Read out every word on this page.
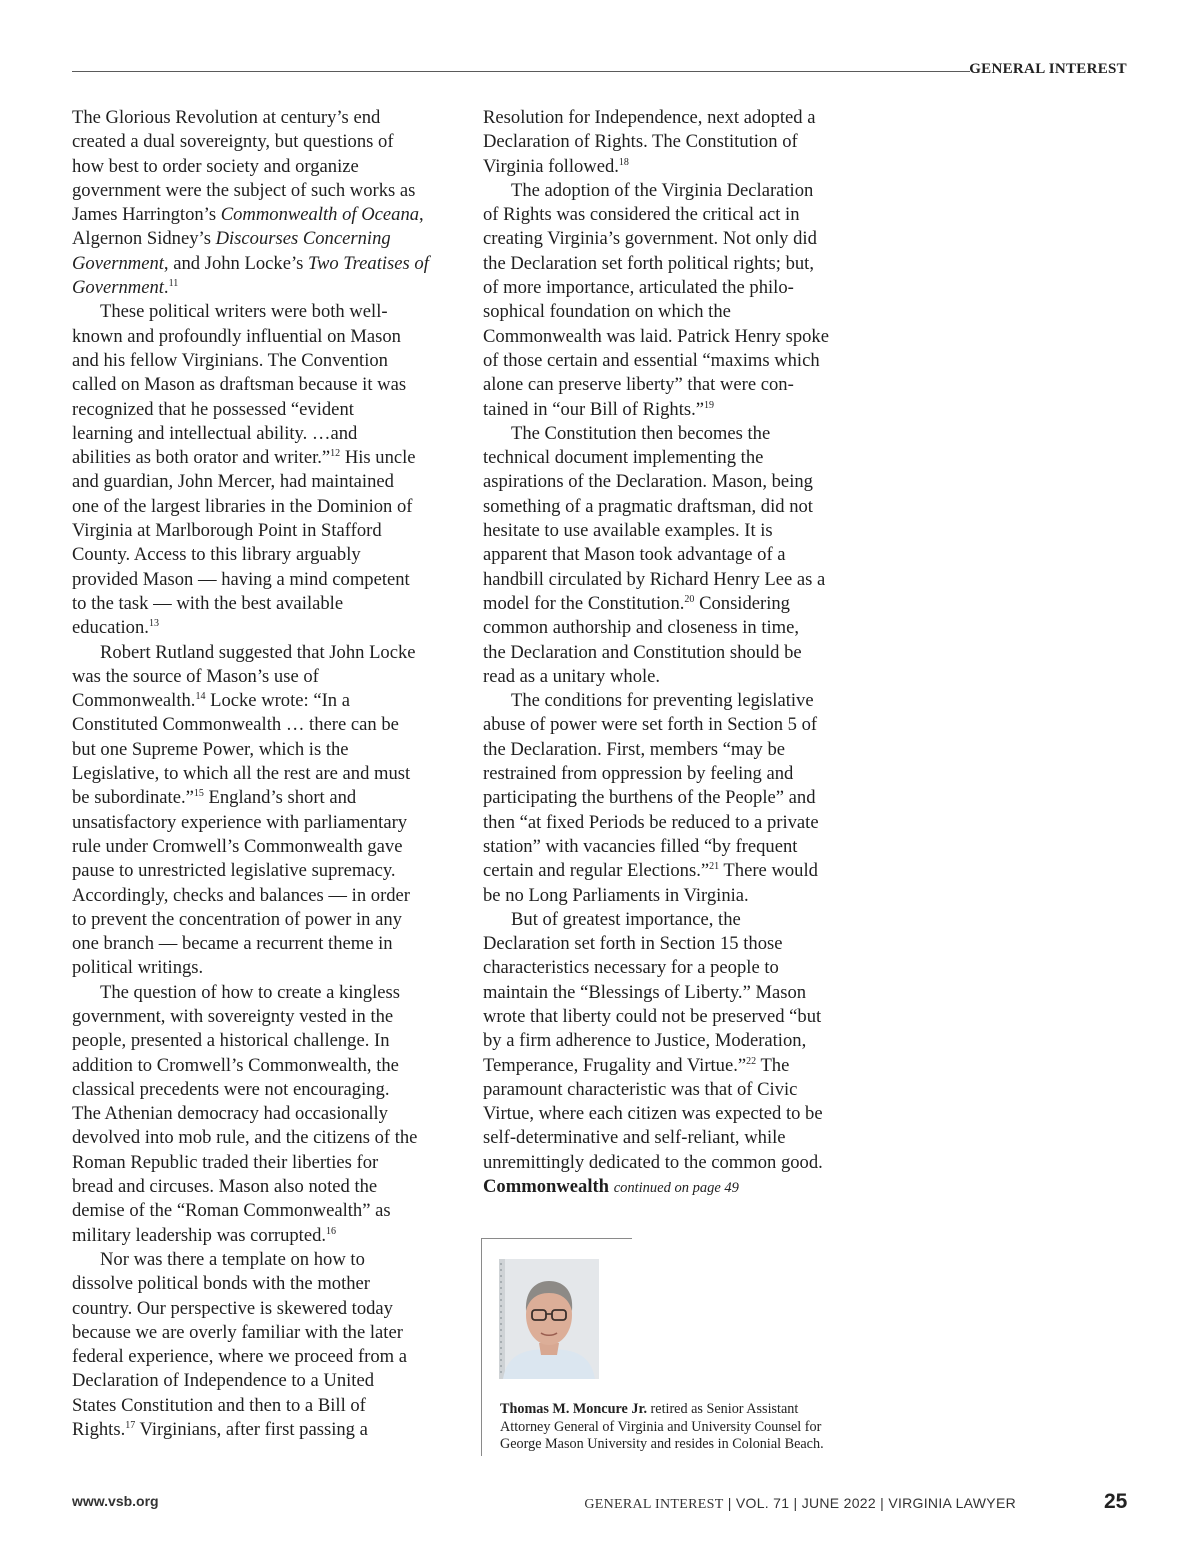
GENERAL INTEREST

The Glorious Revolution at century’s end
created a dual sovereignty, but questions of
how best to order society and organize
government were the subject of such works as
James Harrington’s Commonwealth of Oceana,
Algernon Sidney’s Discourses Concerning
Government, and John Locke’s Two Treatises of
Government.$^{11}$

These political writers were both well-
known and profoundly influential on Mason
and his fellow Virginians. The Convention
called on Mason as draftsman because it was
recognized that he possessed “evident
learning and intellectual ability. …and
abilities as both orator and writer.”$^{12}$ His uncle
and guardian, John Mercer, had maintained
one of the largest libraries in the Dominion of
Virginia at Marlborough Point in Stafford
County. Access to this library arguably
provided Mason — having a mind competent
to the task — with the best available
education.$^{13}$

Robert Rutland suggested that John Locke
was the source of Mason’s use of
Commonwealth.$^{14}$ Locke wrote: “In a
Constituted Commonwealth … there can be
but one Supreme Power, which is the
Legislative, to which all the rest are and must
be subordinate.”$^{15}$ England’s short and
unsatisfactory experience with parliamentary
rule under Cromwell’s Commonwealth gave
pause to unrestricted legislative supremacy.
Accordingly, checks and balances — in order
to prevent the concentration of power in any
one branch — became a recurrent theme in
political writings.

The question of how to create a kingless
government, with sovereignty vested in the
people, presented a historical challenge. In
addition to Cromwell’s Commonwealth, the
classical precedents were not encouraging.
The Athenian democracy had occasionally
devolved into mob rule, and the citizens of the
Roman Republic traded their liberties for
bread and circuses. Mason also noted the
demise of the “Roman Commonwealth” as
military leadership was corrupted.$^{16}$

Nor was there a template on how to
dissolve political bonds with the mother
country. Our perspective is skewered today
because we are overly familiar with the later
federal experience, where we proceed from a
Declaration of Independence to a United
States Constitution and then to a Bill of
Rights.$^{17}$ Virginians, after first passing a

Resolution for Independence, next adopted a
Declaration of Rights. The Constitution of
Virginia followed.$^{18}$

The adoption of the Virginia Declaration
of Rights was considered the critical act in
creating Virginia’s government. Not only did
the Declaration set forth political rights; but,
of more importance, articulated the philo-
sophical foundation on which the
Commonwealth was laid. Patrick Henry spoke
of those certain and essential “maxims which
alone can preserve liberty” that were con-
tained in “our Bill of Rights.”$^{19}$

The Constitution then becomes the
technical document implementing the
aspirations of the Declaration. Mason, being
something of a pragmatic draftsman, did not
hesitate to use available examples. It is
apparent that Mason took advantage of a
handbill circulated by Richard Henry Lee as a
model for the Constitution.$^{20}$ Considering
common authorship and closeness in time,
the Declaration and Constitution should be
read as a unitary whole.

The conditions for preventing legislative
abuse of power were set forth in Section 5 of
the Declaration. First, members “may be
restrained from oppression by feeling and
participating the burthens of the People” and
then “at fixed Periods be reduced to a private
station” with vacancies filled “by frequent
certain and regular Elections.”$^{21}$ There would
be no Long Parliaments in Virginia.

But of greatest importance, the
Declaration set forth in Section 15 those
characteristics necessary for a people to
maintain the “Blessings of Liberty.” Mason
wrote that liberty could not be preserved “but
by a firm adherence to Justice, Moderation,
Temperance, Frugality and Virtue.”$^{22}$ The
paramount characteristic was that of Civic
Virtue, where each citizen was expected to be
self-determinative and self-reliant, while
unremittingly dedicated to the common good.

Commonwealth continued on page 49

Thomas M. Moncure Jr. retired as Senior Assistant
Attorney General of Virginia and University Counsel for
George Mason University and resides in Colonial Beach.
www.vsb.org	GENERAL INTEREST | VOL. 71 | JUNE 2022 | VIRGINIA LAWYER	25
